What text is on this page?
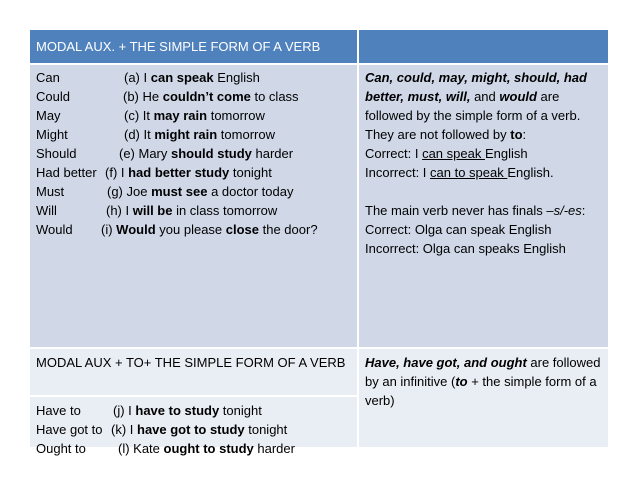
MODAL AUX. + THE SIMPLE FORM OF A VERB
Can	(a) I can speak English
Could	(b) He couldn’t come to class
May	(c) It may rain tomorrow
Might	(d) It might rain tomorrow
Should	(e) Mary should study harder
Had better (f) I had better study tonight
Must	(g) Joe must see a doctor today
Will	(h) I will be in class tomorrow
Would (i) Would you please close the door?
Can, could, may, might, should, had better, must, will, and would are followed by the simple form of a verb.
They are not followed by to:
Correct: I can speak English
Incorrect: I can to speak English.
The main verb never has finals –s/-es:
Correct: Olga can speak English
Incorrect: Olga can speaks English
MODAL AUX + TO+ THE SIMPLE FORM OF A VERB
Have to (j) I have to study tonight
Have got to (k) I have got to study tonight
Ought to (l) Kate ought to study harder
Have, have got, and ought are followed by an infinitive (to + the simple form of a verb)
